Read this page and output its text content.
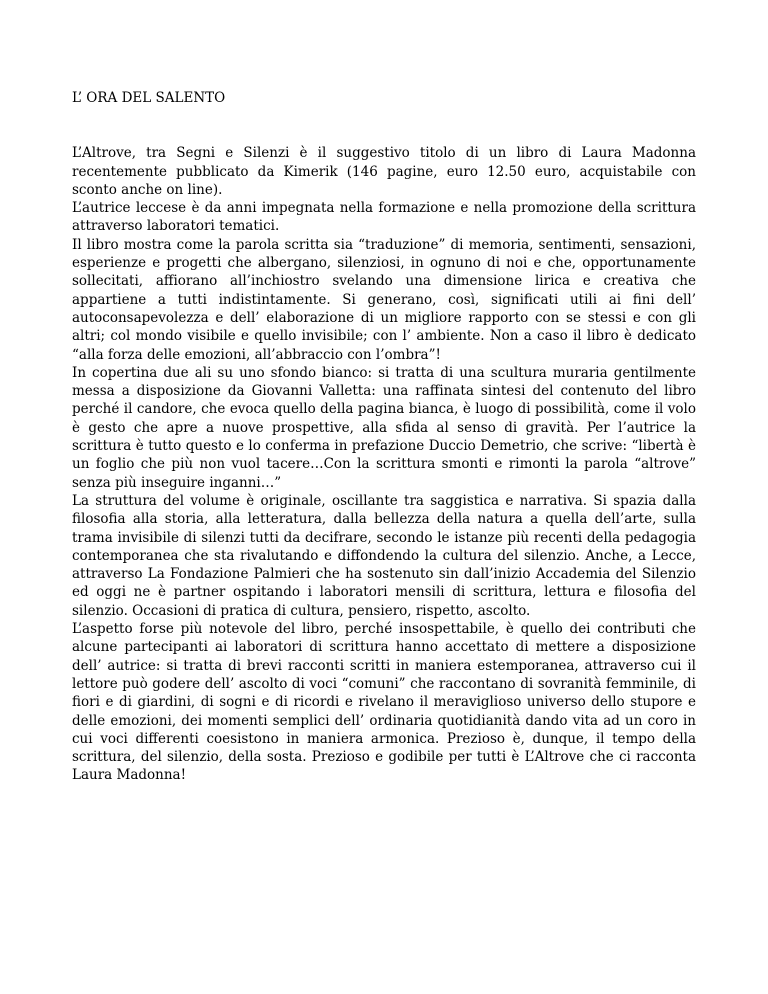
L’ ORA DEL SALENTO

L’Altrove, tra Segni e Silenzi è il suggestivo titolo di un libro di Laura Madonna recentemente pubblicato da Kimerik (146 pagine, euro 12.50 euro, acquistabile con sconto anche on line).

L’autrice leccese è da anni impegnata nella formazione e nella promozione della scrittura attraverso laboratori tematici.

Il libro mostra come la parola scritta sia “traduzione” di memoria, sentimenti, sensazioni, esperienze e progetti che albergano, silenziosi, in ognuno di noi e che, opportunamente sollecitati, affiorano all’inchiostro svelando una dimensione lirica e creativa che appartiene a tutti indistintamente. Si generano, così, significati utili ai fini dell’ autoconsapevolezza e dell’ elaborazione di un migliore rapporto con se stessi e con gli altri; col mondo visibile e quello invisibile; con l’ ambiente. Non a caso il libro è dedicato “alla forza delle emozioni, all’abbraccio con l’ombra”!

In copertina due ali su uno sfondo bianco: si tratta di una scultura muraria gentilmente messa a disposizione da Giovanni Valletta: una raffinata sintesi del contenuto del libro perché il candore, che evoca quello della pagina bianca, è luogo di possibilità, come il volo è gesto che apre a nuove prospettive, alla sfida al senso di gravità. Per l’autrice la scrittura è tutto questo e lo conferma in prefazione Duccio Demetrio, che scrive: “libertà è un foglio che più non vuol tacere…Con la scrittura smonti e rimonti la parola “altrove” senza più inseguire inganni…”

La struttura del volume è originale, oscillante tra saggistica e narrativa. Si spazia dalla filosofia alla storia, alla letteratura, dalla bellezza della natura a quella dell’arte, sulla trama invisibile di silenzi tutti da decifrare, secondo le istanze più recenti della pedagogia contemporanea che sta rivalutando e diffondendo la cultura del silenzio. Anche, a Lecce, attraverso La Fondazione Palmieri che ha sostenuto sin dall’inizio Accademia del Silenzio ed oggi ne è partner ospitando i laboratori mensili di scrittura, lettura e filosofia del silenzio. Occasioni di pratica di cultura, pensiero, rispetto, ascolto.

L’aspetto forse più notevole del libro, perché insospettabile, è quello dei contributi che alcune partecipanti ai laboratori di scrittura hanno accettato di mettere a disposizione dell’ autrice: si tratta di brevi racconti scritti in maniera estemporanea, attraverso cui il lettore può godere dell’ ascolto di voci “comuni” che raccontano di sovranità femminile, di fiori e di giardini, di sogni e di ricordi e rivelano il meraviglioso universo dello stupore e delle emozioni, dei momenti semplici dell’ ordinaria quotidianità dando vita ad un coro in cui voci differenti coesistono in maniera armonica. Prezioso è, dunque, il tempo della scrittura, del silenzio, della sosta. Prezioso e godibile per tutti è L’Altrove che ci racconta Laura Madonna!
